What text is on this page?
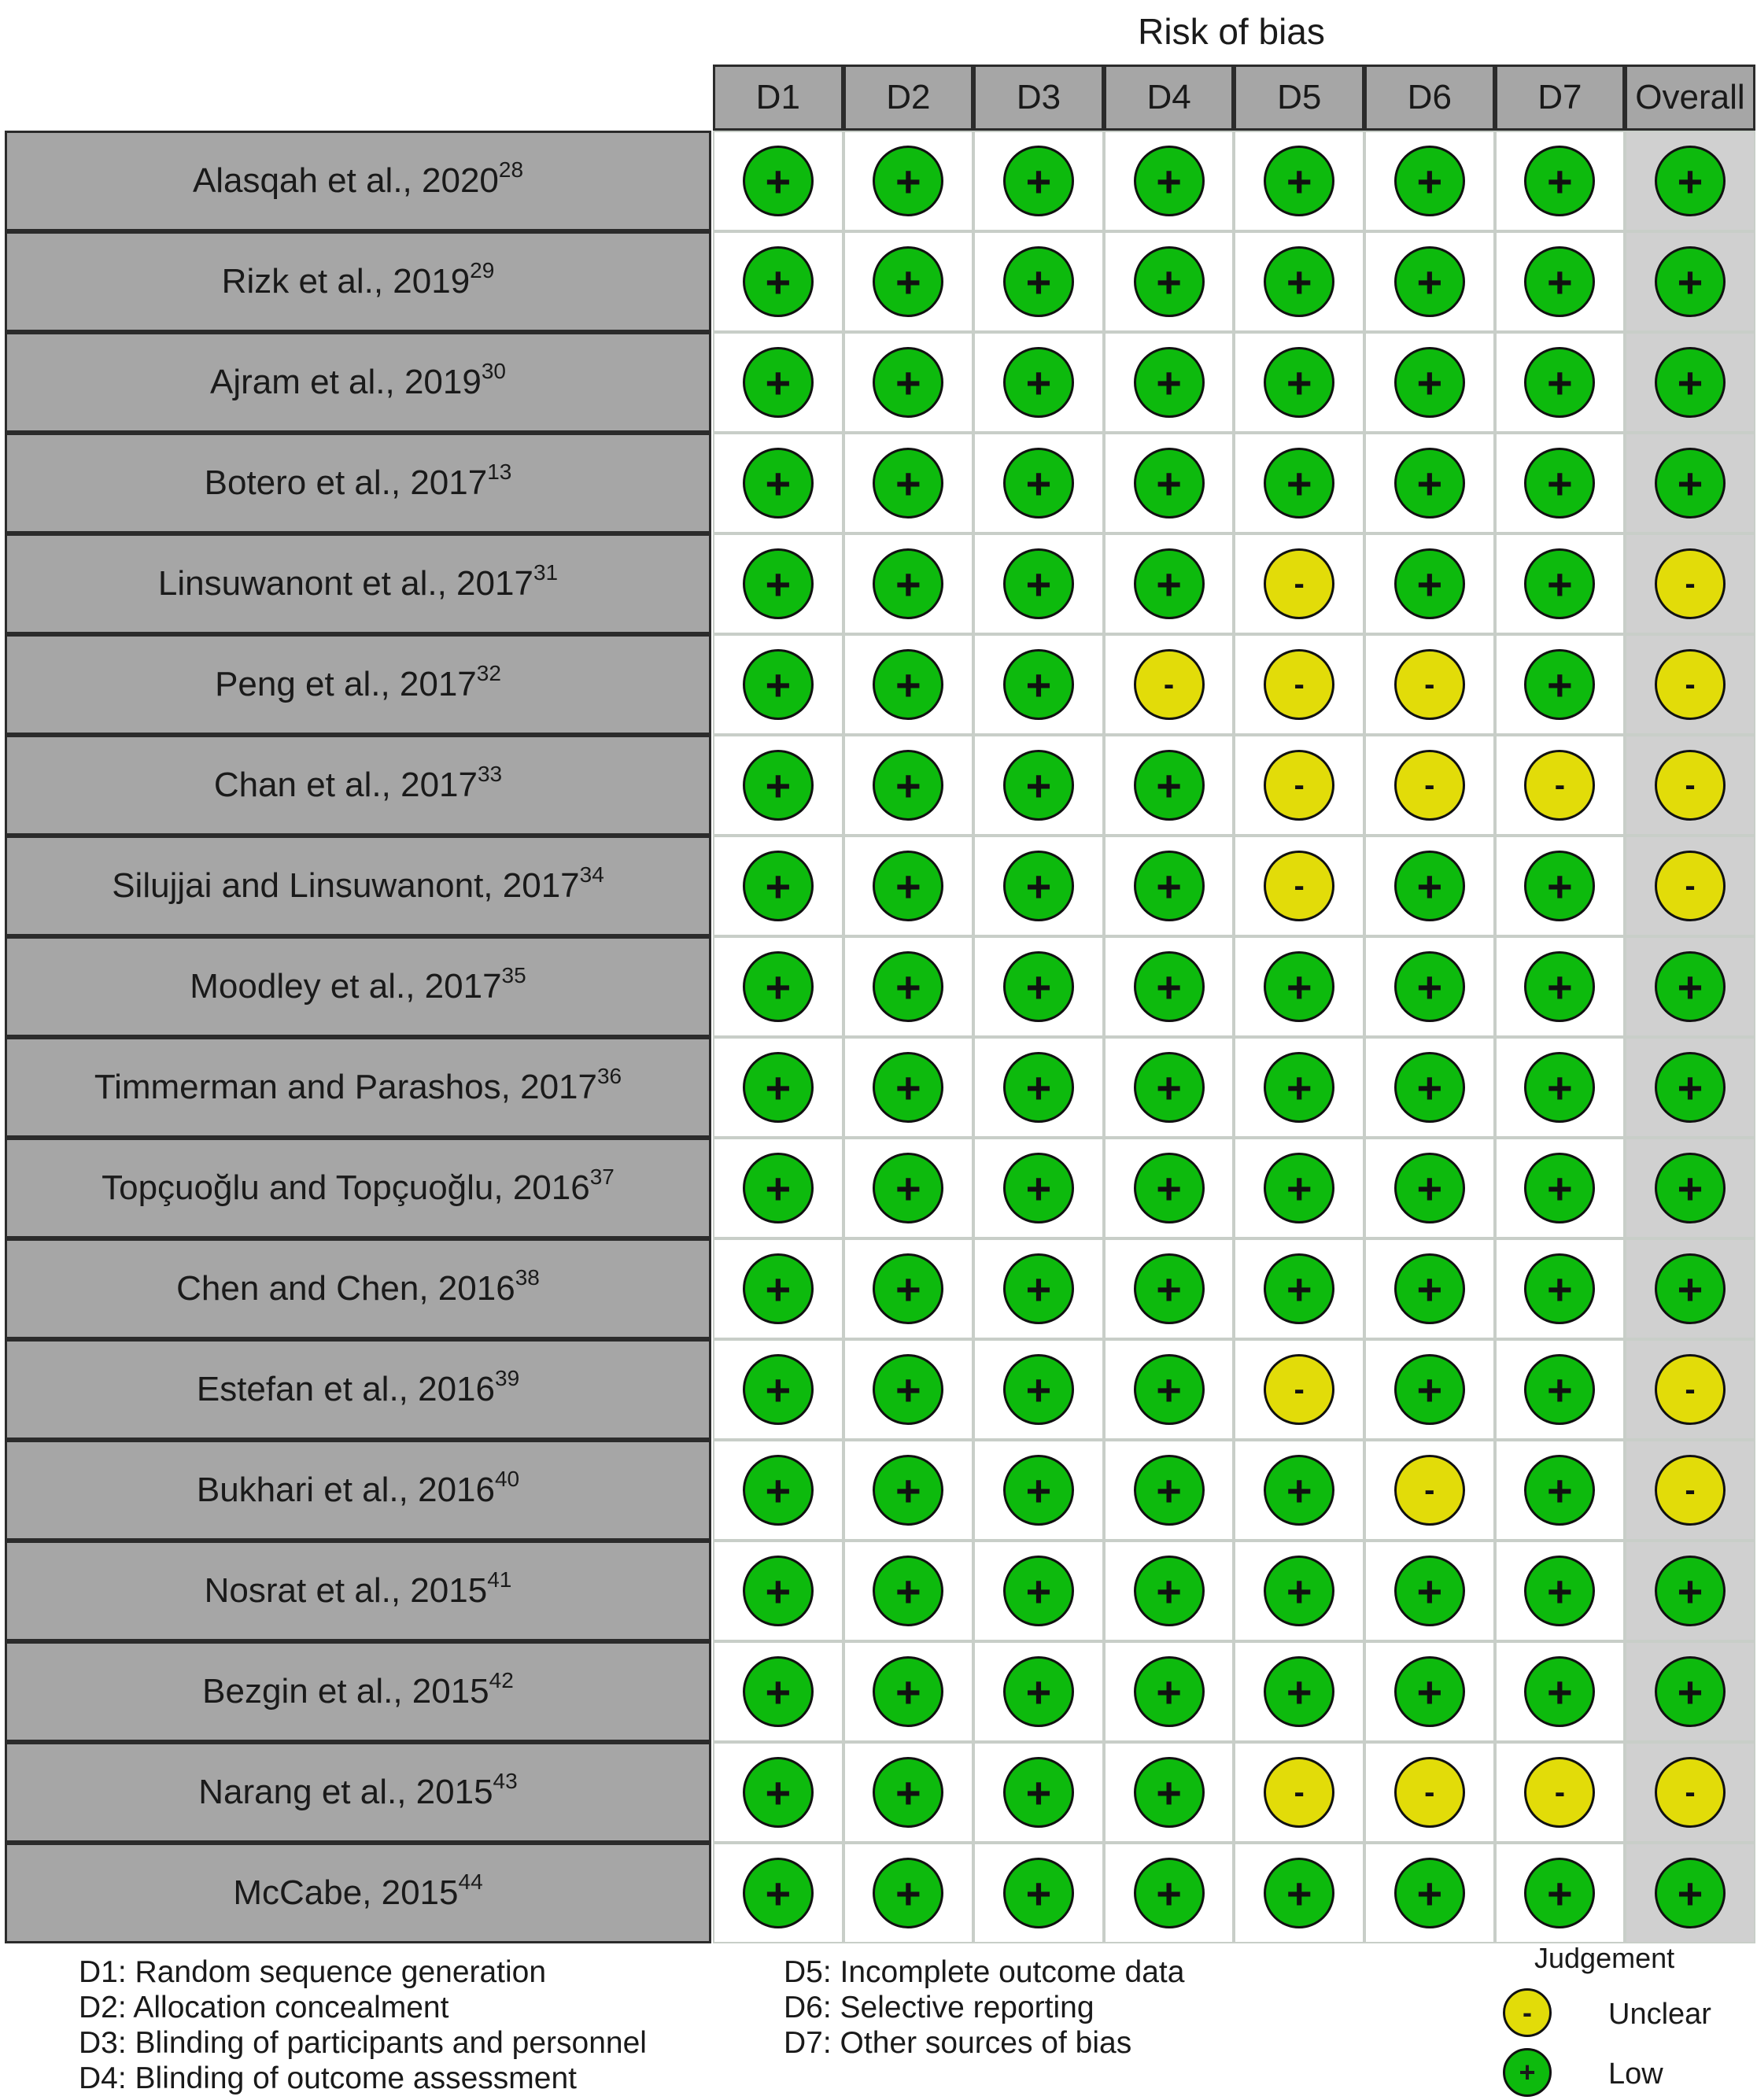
Risk of bias
D1	D2	D3	D4	D5	D6	D7	Overall
Alasqah et al., $2020^{28}$	+	+	+	+	+	+	+	+
Rizk et al., $2019^{29}$	+	+	+	+	+	+	+	+
Ajram et al., $2019^{30}$	+	+	+	+	+	+	+	+
Botero et al., $2017^{13}$	+	+	+	+	+	+	+	+
Linsuwanont et al., $2017^{31}$	+	+	+	+	-	+	+	-
Peng et al., $2017^{32}$	+	+	+	-	-	-	+	-
Chan et al., $2017^{33}$	+	+	+	+	-	-	-	-
Silujjai and Linsuwanont, $2017^{34}$	+	+	+	+	-	+	+	-
Moodley et al., $2017^{35}$	+	+	+	+	+	+	+	+
Timmerman and Parashos, $2017^{36}$	+	+	+	+	+	+	+	+
Topçuoğlu and Topçuoğlu, $2016^{37}$	+	+	+	+	+	+	+	+
Chen and Chen, $2016^{38}$	+	+	+	+	+	+	+	+
Estefan et al., $2016^{39}$	+	+	+	+	-	+	+	-
Bukhari et al., $2016^{40}$	+	+	+	+	+	-	+	-
Nosrat et al., $2015^{41}$	+	+	+	+	+	+	+	+
Bezgin et al., $2015^{42}$	+	+	+	+	+	+	+	+
Narang et al., $2015^{43}$	+	+	+	+	-	-	-	-
McCabe, $2015^{44}$	+	+	+	+	+	+	+	+
D1: Random sequence generation
D2: Allocation concealment
D3: Blinding of participants and personnel
D4: Blinding of outcome assessment
D5: Incomplete outcome data
D6: Selective reporting
D7: Other sources of bias
Judgement
-	Unclear
+	Low
